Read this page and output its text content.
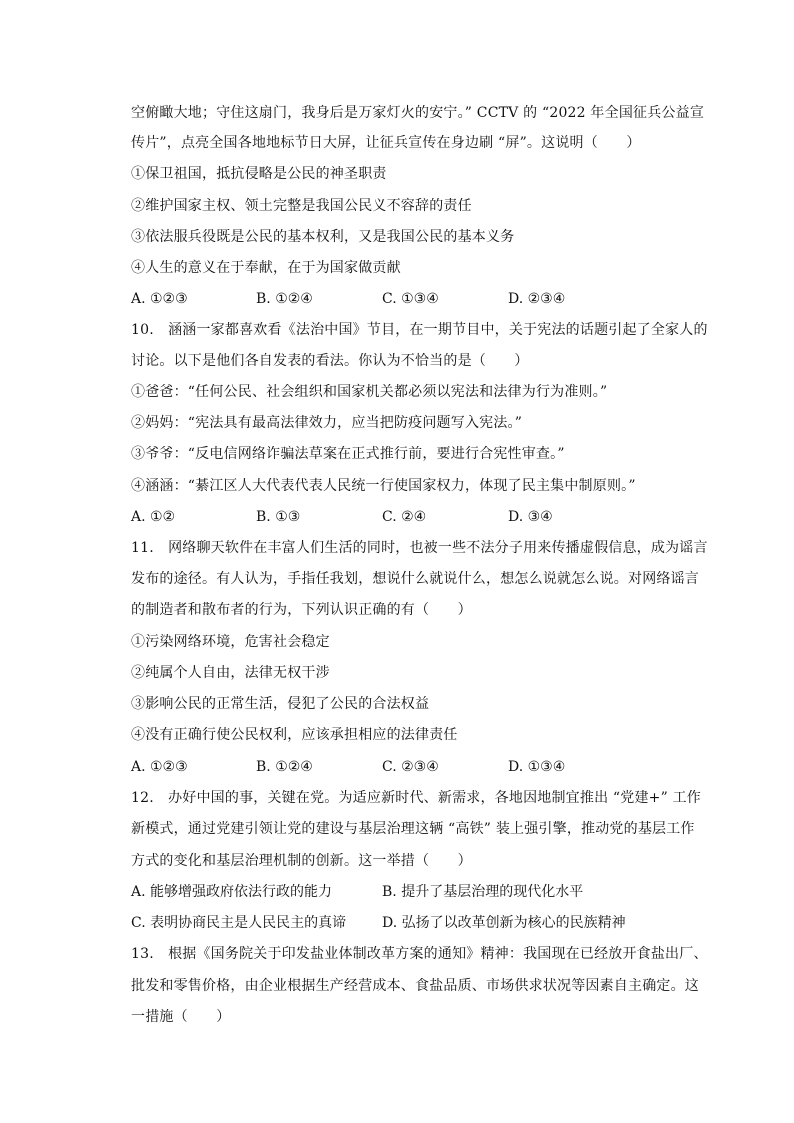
空俯瞰大地；守住这扇门，我身后是万家灯火的安宁。” CCTV 的 “2022 年全国征兵公益宣
传片”，点亮全国各地地标节日大屏，让征兵宣传在身边刷 “屏”。这说明（　　）
①保卫祖国，抵抗侵略是公民的神圣职责
②维护国家主权、领土完整是我国公民义不容辞的责任
③依法服兵役既是公民的基本权利，又是我国公民的基本义务
④人生的意义在于奉献，在于为国家做贡献
A. ①②③	B. ①②④	C. ①③④	D. ②③④
10.　涵涵一家都喜欢看《法治中国》节目，在一期节目中，关于宪法的话题引起了全家人的
讨论。以下是他们各自发表的看法。你认为不恰当的是（　　）
①爸爸：“任何公民、社会组织和国家机关都必须以宪法和法律为行为准则。”
②妈妈：“宪法具有最高法律效力，应当把防疫问题写入宪法。”
③爷爷：“反电信网络诈骗法草案在正式推行前，要进行合宪性审查。”
④涵涵：“綦江区人大代表代表人民统一行使国家权力，体现了民主集中制原则。”
A. ①②	B. ①③	C. ②④	D. ③④
11.　网络聊天软件在丰富人们生活的同时，也被一些不法分子用来传播虚假信息，成为谣言
发布的途径。有人认为，手指任我划，想说什么就说什么，想怎么说就怎么说。对网络谣言
的制造者和散布者的行为，下列认识正确的有（　　）
①污染网络环境，危害社会稳定
②纯属个人自由，法律无权干涉
③影响公民的正常生活，侵犯了公民的合法权益
④没有正确行使公民权利，应该承担相应的法律责任
A. ①②③	B. ①②④	C. ②③④	D. ①③④
12.　办好中国的事，关键在党。为适应新时代、新需求，各地因地制宜推出 “党建+” 工作
新模式，通过党建引领让党的建设与基层治理这辆 “高铁” 装上强引擎，推动党的基层工作
方式的变化和基层治理机制的创新。这一举措（　　）
A. 能够增强政府依法行政的能力	B. 提升了基层治理的现代化水平
C. 表明协商民主是人民民主的真谛	D. 弘扬了以改革创新为核心的民族精神
13.　根据《国务院关于印发盐业体制改革方案的通知》精神：我国现在已经放开食盐出厂、
批发和零售价格，由企业根据生产经营成本、食盐品质、市场供求状况等因素自主确定。这
一措施（　　）
